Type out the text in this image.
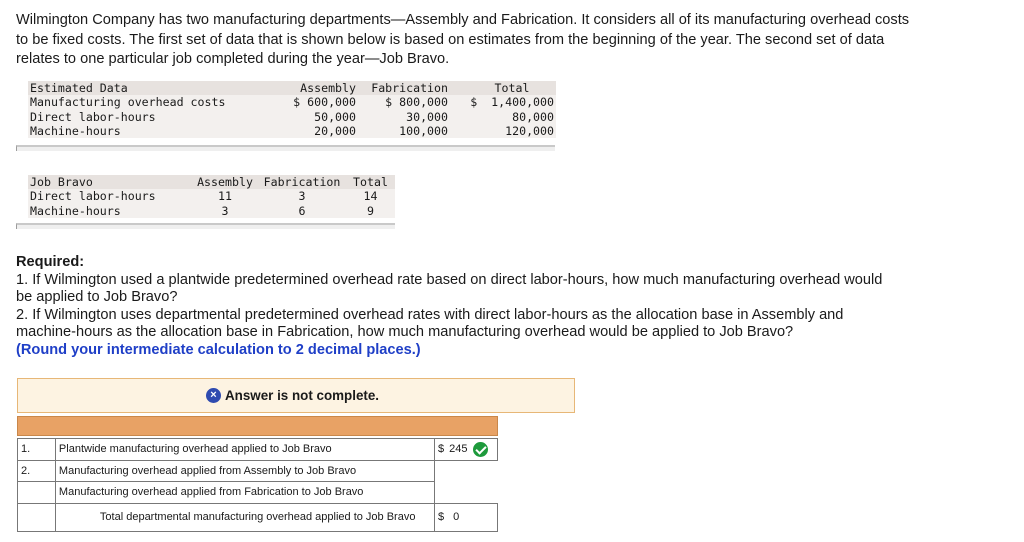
Wilmington Company has two manufacturing departments—Assembly and Fabrication. It considers all of its manufacturing overhead costs to be fixed costs. The first set of data that is shown below is based on estimates from the beginning of the year. The second set of data relates to one particular job completed during the year—Job Bravo.
Estimated Data	Assembly	Fabrication	Total
Manufacturing overhead costs	$ 600,000	$ 800,000	$  1,400,000
Direct labor-hours	50,000	30,000	80,000
Machine-hours	20,000	100,000	120,000
Job Bravo	Assembly	Fabrication	Total
Direct labor-hours	11	3	14
Machine-hours	3	6	9
Required:
1. If Wilmington used a plantwide predetermined overhead rate based on direct labor-hours, how much manufacturing overhead would be applied to Job Bravo?
2. If Wilmington uses departmental predetermined overhead rates with direct labor-hours as the allocation base in Assembly and machine-hours as the allocation base in Fabrication, how much manufacturing overhead would be applied to Job Bravo?
(Round your intermediate calculation to 2 decimal places.)
× Answer is not complete.
1.	Plantwide manufacturing overhead applied to Job Bravo	$ 245

2.	Manufacturing overhead applied from Assembly to Job Bravo	
	Manufacturing overhead applied from Fabrication to Job Bravo	
	Total departmental manufacturing overhead applied to Job Bravo	$ 0
